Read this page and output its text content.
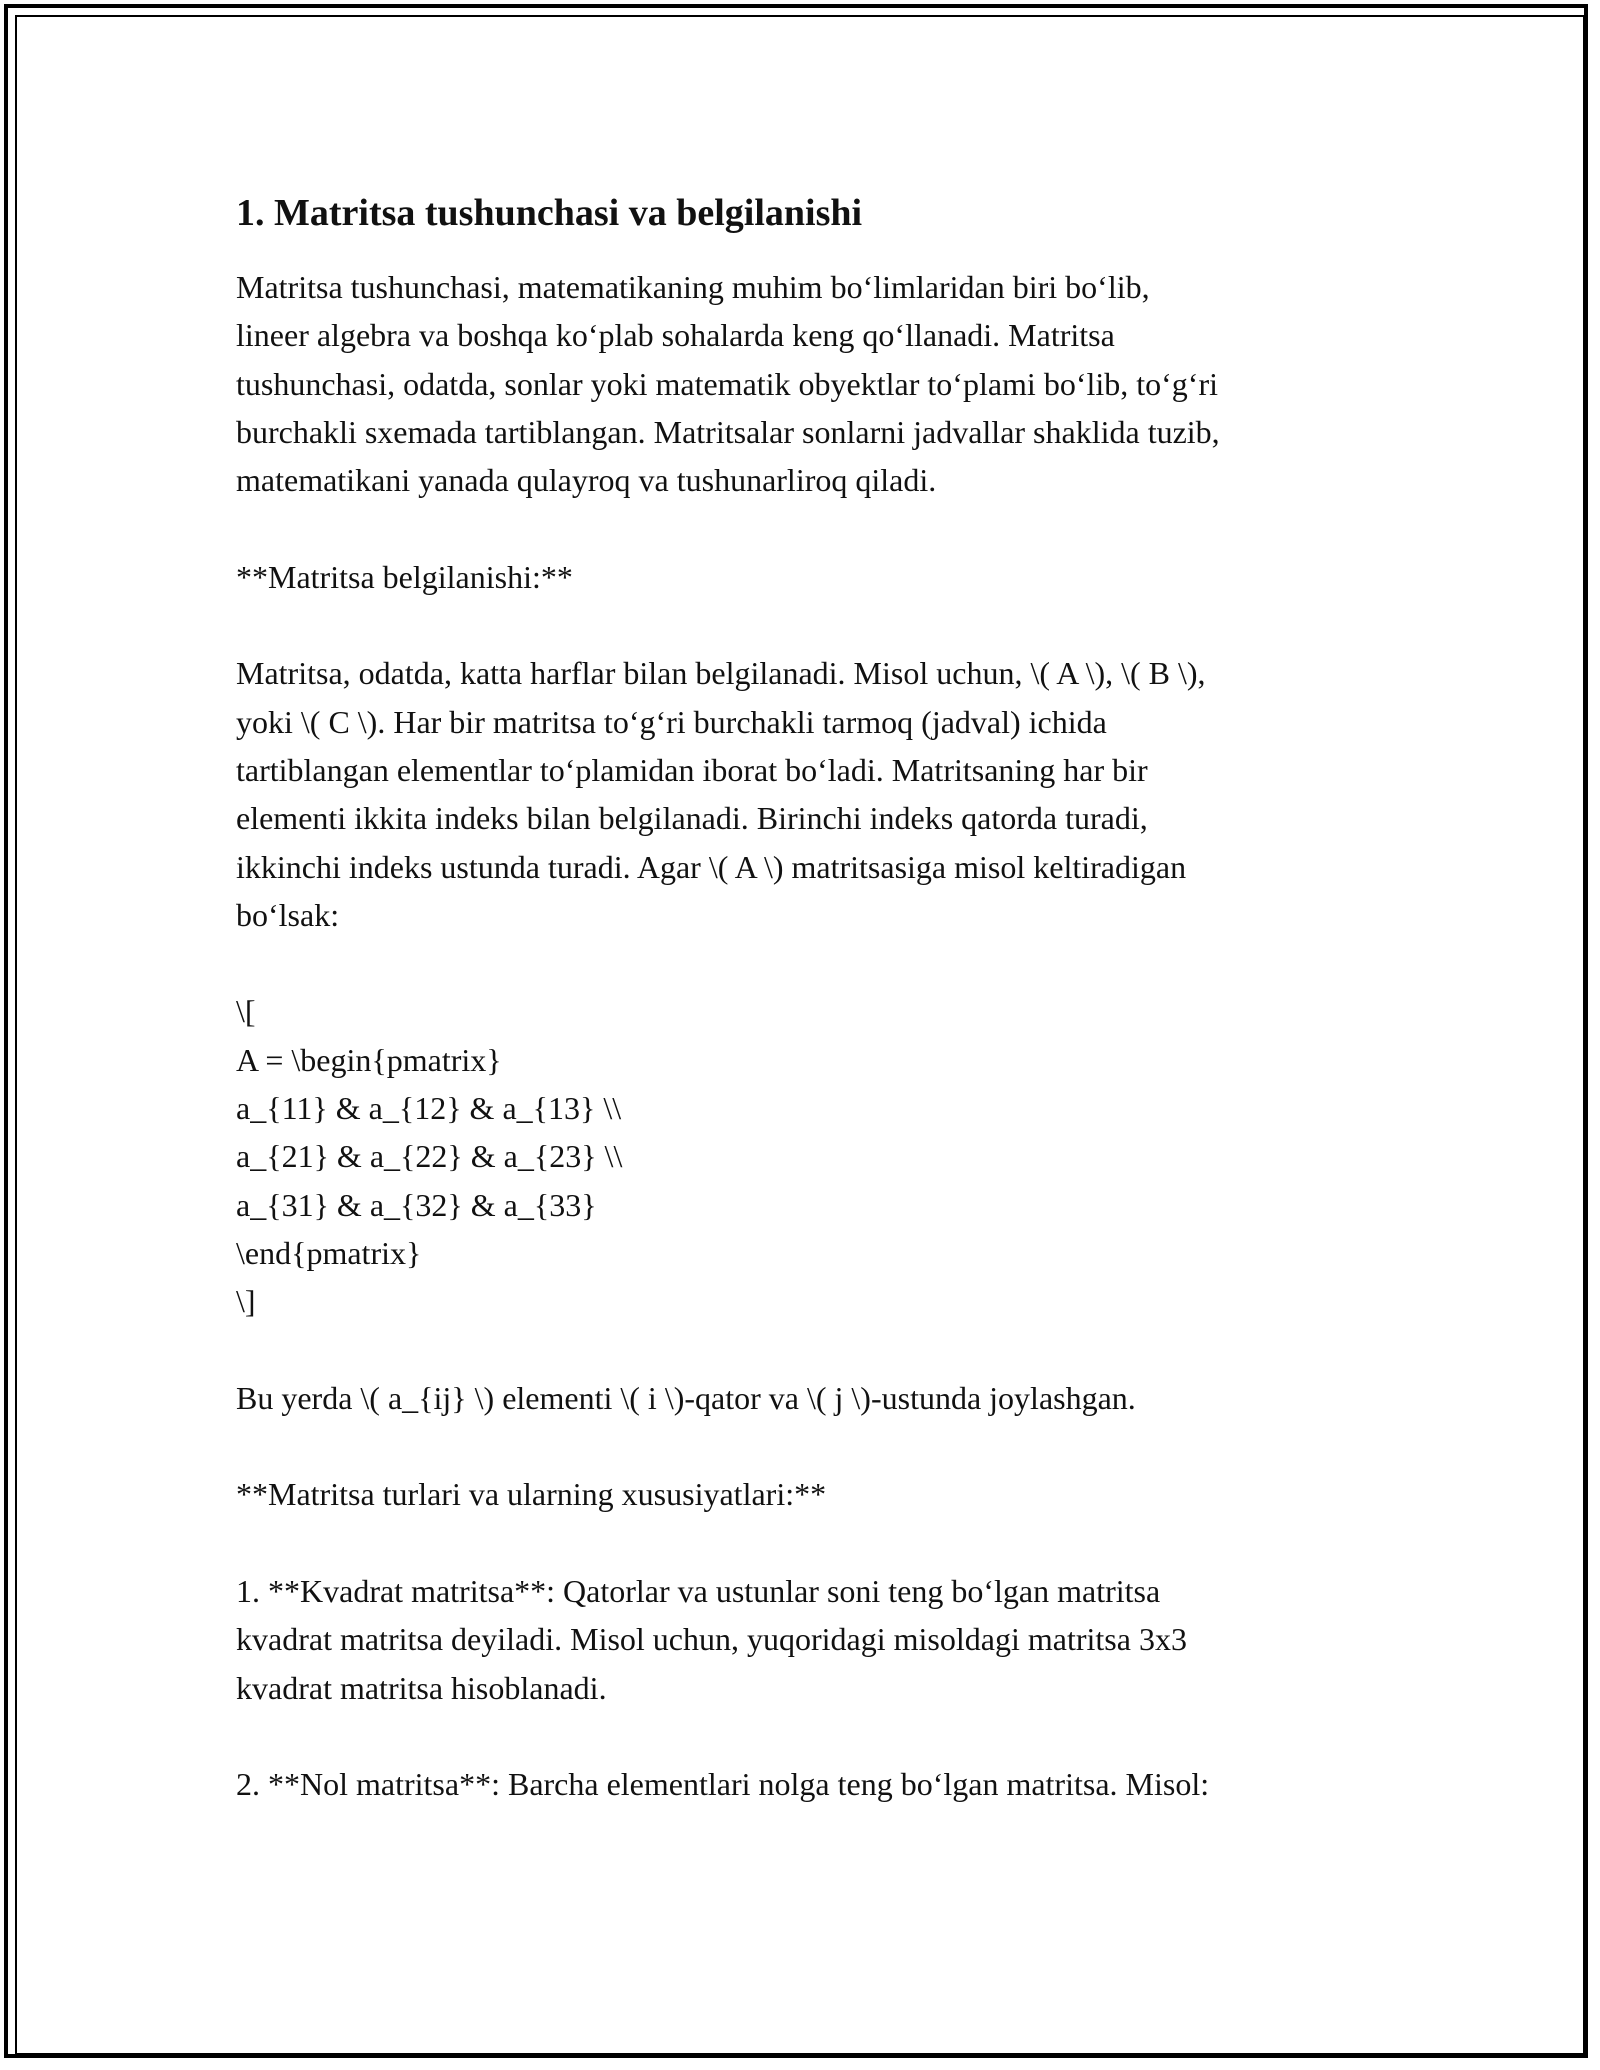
1. Matritsa tushunchasi va belgilanishi

Matritsa tushunchasi, matematikaning muhim bo‘limlaridan biri bo‘lib,
lineer algebra va boshqa ko‘plab sohalarda keng qo‘llanadi. Matritsa
tushunchasi, odatda, sonlar yoki matematik obyektlar to‘plami bo‘lib, to‘g‘ri
burchakli sxemada tartiblangan. Matritsalar sonlarni jadvallar shaklida tuzib,
matematikani yanada qulayroq va tushunarliroq qiladi.

**Matritsa belgilanishi:**

Matritsa, odatda, katta harflar bilan belgilanadi. Misol uchun, \( A \), \( B \),
yoki \( C \). Har bir matritsa to‘g‘ri burchakli tarmoq (jadval) ichida
tartiblangan elementlar to‘plamidan iborat bo‘ladi. Matritsaning har bir
elementi ikkita indeks bilan belgilanadi. Birinchi indeks qatorda turadi,
ikkinchi indeks ustunda turadi. Agar \( A \) matritsasiga misol keltiradigan
bo‘lsak:

\[
A = \begin{pmatrix}
a_{11} & a_{12} & a_{13} \\
a_{21} & a_{22} & a_{23} \\
a_{31} & a_{32} & a_{33}
\end{pmatrix}
\]

Bu yerda \( a_{ij} \) elementi \( i \)-qator va \( j \)-ustunda joylashgan.

**Matritsa turlari va ularning xususiyatlari:**

1. **Kvadrat matritsa**: Qatorlar va ustunlar soni teng bo‘lgan matritsa
kvadrat matritsa deyiladi. Misol uchun, yuqoridagi misoldagi matritsa 3x3
kvadrat matritsa hisoblanadi.

2. **Nol matritsa**: Barcha elementlari nolga teng bo‘lgan matritsa. Misol:
